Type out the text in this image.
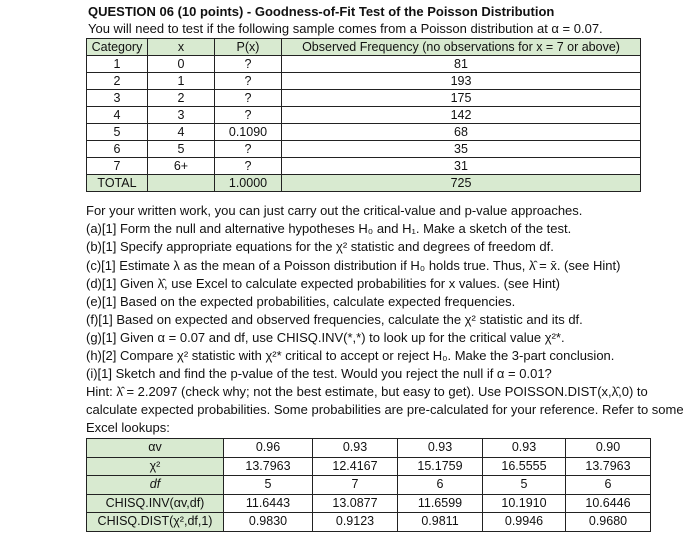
QUESTION 06 (10 points) - Goodness-of-Fit Test of the Poisson Distribution
You will need to test if the following sample comes from a Poisson distribution at α = 0.07.
Category	x	P(x)	Observed Frequency (no observations for x = 7 or above)
1	0	?	81
2	1	?	193
3	2	?	175
4	3	?	142
5	4	0.1090	68
6	5	?	35
7	6+	?	31
TOTAL		1.0000	725
For your written work, you can just carry out the critical-value and p-value approaches.
(a)[1] Form the null and alternative hypotheses H₀ and H₁. Make a sketch of the test.
(b)[1] Specify appropriate equations for the χ² statistic and degrees of freedom df.
(c)[1] Estimate λ as the mean of a Poisson distribution if H₀ holds true. Thus, λ̂ = x̄. (see Hint)
(d)[1] Given λ̂, use Excel to calculate expected probabilities for x values. (see Hint)
(e)[1] Based on the expected probabilities, calculate expected frequencies.
(f)[1] Based on expected and observed frequencies, calculate the χ² statistic and its df.
(g)[1] Given α = 0.07 and df, use CHISQ.INV(*,*) to look up for the critical value χ²*.
(h)[2] Compare χ² statistic with χ²* critical to accept or reject H₀. Make the 3-part conclusion.
(i)[1] Sketch and find the p-value of the test. Would you reject the null if α = 0.01?
Hint: λ̂ = 2.2097 (check why; not the best estimate, but easy to get). Use POISSON.DIST(x,λ̂,0) to calculate expected probabilities. Some probabilities are pre-calculated for your reference. Refer to some Excel lookups:
αv	0.96	0.93	0.93	0.93	0.90
χ²	13.7963	12.4167	15.1759	16.5555	13.7963
df	5	7	6	5	6
CHISQ.INV(αv,df)	11.6443	13.0877	11.6599	10.1910	10.6446
CHISQ.DIST(χ²,df,1)	0.9830	0.9123	0.9811	0.9946	0.9680
